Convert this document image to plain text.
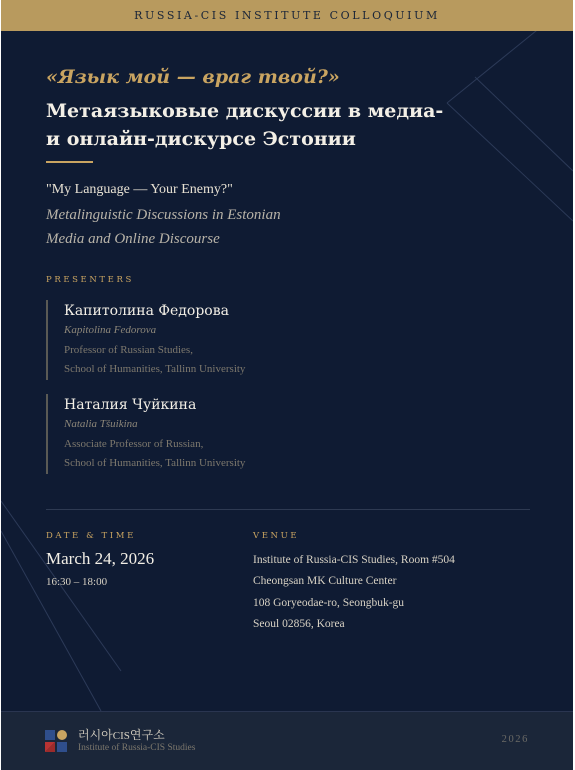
RUSSIA-CIS INSTITUTE COLLOQUIUM
«Язык мой — враг твой?»
Метаязыковые дискуссии в медиа-
и онлайн-дискурсе Эстонии
"My Language — Your Enemy?"
Metalinguistic Discussions in Estonian
Media and Online Discourse
PRESENTERS
Капитолина Федорова
Kapitolina Fedorova
Professor of Russian Studies,
School of Humanities, Tallinn University
Наталия Чуйкина
Natalia Tšuikina
Associate Professor of Russian,
School of Humanities, Tallinn University
DATE & TIME
March 24, 2026
16:30 – 18:00
VENUE
Institute of Russia-CIS Studies, Room #504
Cheongsan MK Culture Center
108 Goryeodae-ro, Seongbuk-gu
Seoul 02856, Korea
러시아CIS연구소
Institute of Russia-CIS Studies
2026
